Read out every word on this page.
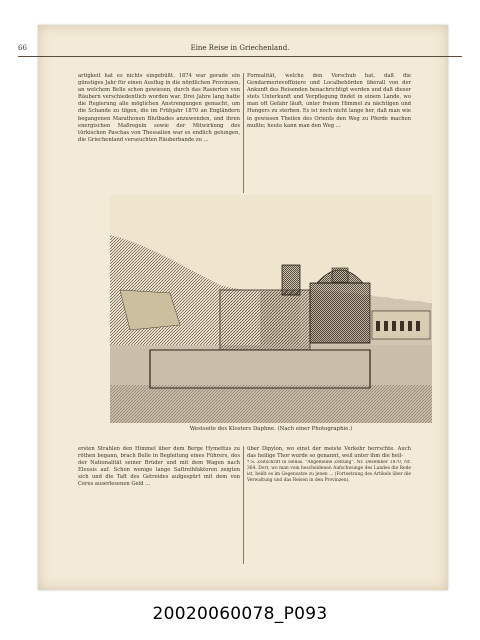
66	Eine Reise in Griechenland.

artigkeit hat es nichts eingebüßt. 1874 war gerade ein günstiges Jahr für einen Ausflug in die nördlichen Provinzen, an welchem Belle schon gewiesen, durch das Rasierten von Räubern verschiedentlich worden war. Drei Jahre lang hatte die Regierung alle möglichen Anstrengungen gemacht, um die Schande zu tilgen, die im Frühjahr 1870 an Engländern begangenen Marathonen Blutbades anzuwenden, und ihren energischen Maßregeln sowie der Mitwirkung des türkischen Paschas von Thessalien war es endlich gelungen, die Griechenland verseuchten Räuberbande zu ...

Formalität, welche den Vorschub hat, daß die Gendarmerievoffiziere und Localbehörden überall von der Ankunft des Reisenden benachrichtigt werden und daß dieser stets Unterkunft und Verpflegung findet in einem Lande, wo man oft Gefahr läuft, unter freiem Himmel zu nächtigen und Hungers zu sterben. Es ist noch nicht lange her, daß man wie in gewissen Theilen des Orients den Weg zu Pferde machen mußte; heute kann man den Weg ...

Westseite des Klosters Daphne. (Nach einer Photographie.)

ersten Strahlen den Himmel über dem Berge Hymettus zu röthen begann, brach Belle in Begleitung eines Führers, des der Nationalität seiner Brüder und mit dem Wagen nach Eleusis auf. Schon wenige lange Saftreihfaktoren zeigten sich und die Taft des Getreides aufgespürt mit dem von Ceres auserlesenen Geld ...

über Dipylon, wo einst der meiste Verkehr herrschte. Auch das heilige Thor wurde so genannt, weil unter ihm die heil-

* S. Zeitschrift in Hellas. "Allgemeine Zeitung", Nr. Dezember 1870, Nr. 364. Dort, wo man vom bescheidenen Aufschwunge des Landes die Rede ist, heißt es im Gegensatze zu jenen ... (Fortsetzung des Artikels über die Verwaltung und das Reisen in den Provinzen).

20020060078_P093
